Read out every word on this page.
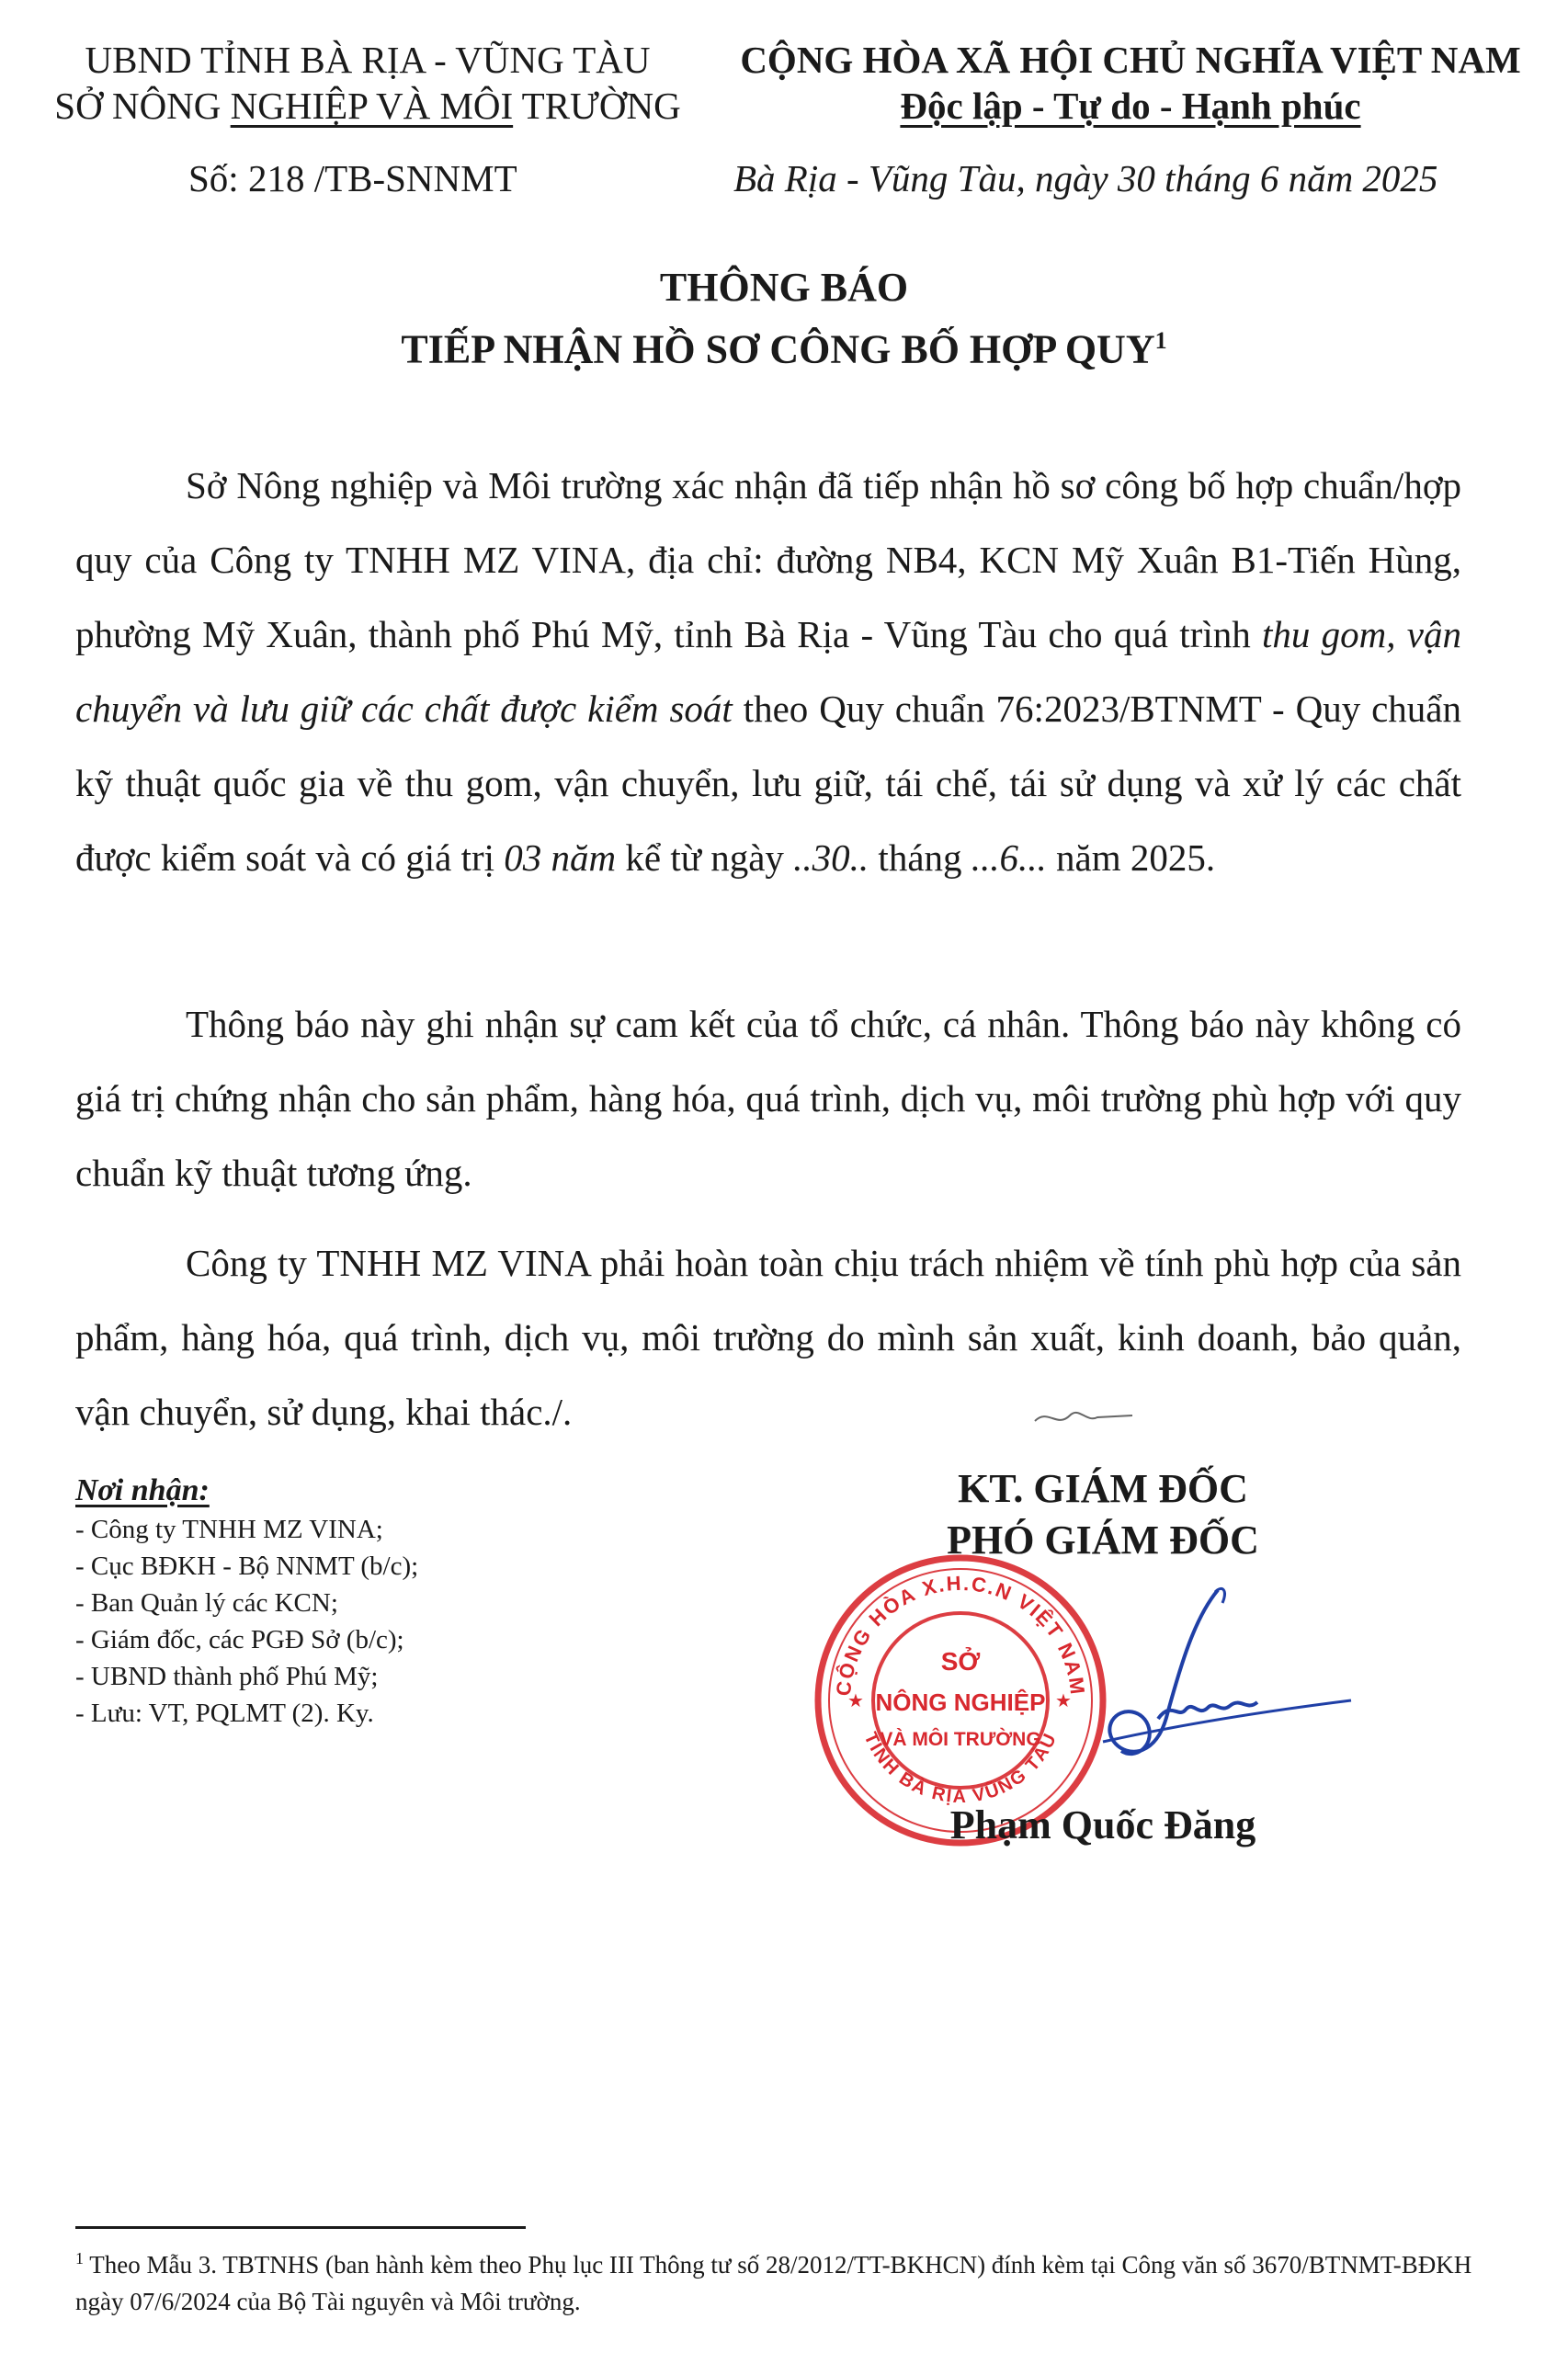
UBND TỈNH BÀ RỊA - VŨNG TÀU
SỞ NÔNG NGHIỆP VÀ MÔI TRƯỜNG
CỘNG HÒA XÃ HỘI CHỦ NGHĨA VIỆT NAM
Độc lập - Tự do - Hạnh phúc
Số: 218 /TB-SNNMT	Bà Rịa - Vũng Tàu, ngày 30 tháng 6 năm 2025
THÔNG BÁO
TIẾP NHẬN HỒ SƠ CÔNG BỐ HỢP QUY$^1$
Sở Nông nghiệp và Môi trường xác nhận đã tiếp nhận hồ sơ công bố hợp chuẩn/hợp quy của Công ty TNHH MZ VINA, địa chỉ: đường NB4, KCN Mỹ Xuân B1-Tiến Hùng, phường Mỹ Xuân, thành phố Phú Mỹ, tỉnh Bà Rịa - Vũng Tàu cho quá trình thu gom, vận chuyển và lưu giữ các chất được kiểm soát theo Quy chuẩn 76:2023/BTNMT - Quy chuẩn kỹ thuật quốc gia về thu gom, vận chuyển, lưu giữ, tái chế, tái sử dụng và xử lý các chất được kiểm soát và có giá trị 03 năm kể từ ngày ..30.. tháng ...6... năm 2025.
Thông báo này ghi nhận sự cam kết của tổ chức, cá nhân. Thông báo này không có giá trị chứng nhận cho sản phẩm, hàng hóa, quá trình, dịch vụ, môi trường phù hợp với quy chuẩn kỹ thuật tương ứng.
Công ty TNHH MZ VINA phải hoàn toàn chịu trách nhiệm về tính phù hợp của sản phẩm, hàng hóa, quá trình, dịch vụ, môi trường do mình sản xuất, kinh doanh, bảo quản, vận chuyển, sử dụng, khai thác./.
Nơi nhận:
- Công ty TNHH MZ VINA;
- Cục BĐKH - Bộ NNMT (b/c);
- Ban Quản lý các KCN;
- Giám đốc, các PGĐ Sở (b/c);
- UBND thành phố Phú Mỹ;
- Lưu: VT, PQLMT (2). Ky.
KT. GIÁM ĐỐC
PHÓ GIÁM ĐỐC
CỘNG HÒA X.H.C.N VIỆT NAM
TỈNH BÀ RỊA VŨNG TÀU
SỞ
NÔNG NGHIỆP
VÀ MÔI TRƯỜNG
★	★
Phạm Quốc Đăng
$^1$ Theo Mẫu 3. TBTNHS (ban hành kèm theo Phụ lục III Thông tư số 28/2012/TT-BKHCN) đính kèm tại Công văn số 3670/BTNMT-BĐKH ngày 07/6/2024 của Bộ Tài nguyên và Môi trường.
